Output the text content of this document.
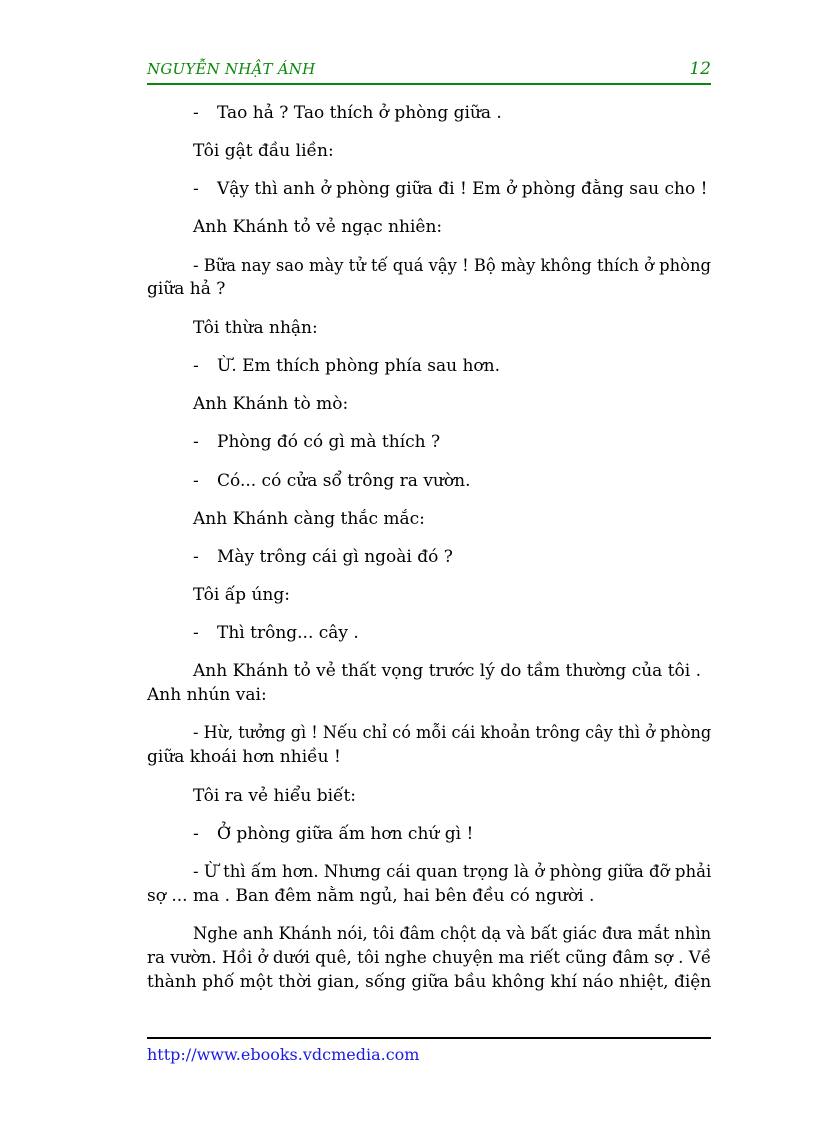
NGUYỄN NHẬT ÁNH	12
- Tao hả ? Tao thích ở phòng giữa .
Tôi gật đầu liền:
- Vậy thì anh ở phòng giữa đi ! Em ở phòng đằng sau cho !
Anh Khánh tỏ vẻ ngạc nhiên:
- Bữa nay sao mày tử tế quá vậy ! Bộ mày không thích ở phòng
giữa hả ?
Tôi thừa nhận:
- Ừ. Em thích phòng phía sau hơn.
Anh Khánh tò mò:
- Phòng đó có gì mà thích ?
- Có... có cửa sổ trông ra vườn.
Anh Khánh càng thắc mắc:
- Mày trông cái gì ngoài đó ?
Tôi ấp úng:
- Thì trông... cây .
Anh Khánh tỏ vẻ thất vọng trước lý do tầm thường của tôi .
Anh nhún vai:
- Hừ, tưởng gì ! Nếu chỉ có mỗi cái khoản trông cây thì ở phòng
giữa khoái hơn nhiều !
Tôi ra vẻ hiểu biết:
- Ở phòng giữa ấm hơn chứ gì !
- Ừ thì ấm hơn. Nhưng cái quan trọng là ở phòng giữa đỡ phải
sợ ... ma . Ban đêm nằm ngủ, hai bên đều có người .
Nghe anh Khánh nói, tôi đâm chột dạ và bất giác đưa mắt nhìn
ra vườn. Hồi ở dưới quê, tôi nghe chuyện ma riết cũng đâm sợ . Về
thành phố một thời gian, sống giữa bầu không khí náo nhiệt, điện
http://www.ebooks.vdcmedia.com
